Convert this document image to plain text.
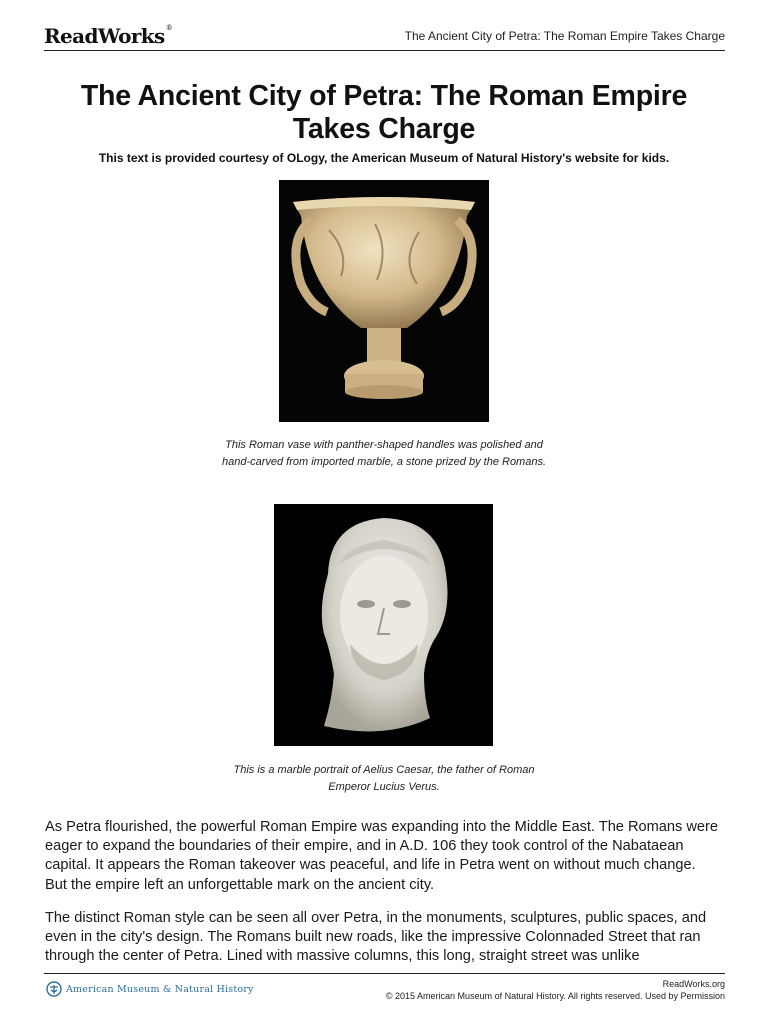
ReadWorks®
The Ancient City of Petra: The Roman Empire Takes Charge
The Ancient City of Petra: The Roman Empire Takes Charge
This text is provided courtesy of OLogy, the American Museum of Natural History's website for kids.
This Roman vase with panther-shaped handles was polished and hand-carved from imported marble, a stone prized by the Romans.
This is a marble portrait of Aelius Caesar, the father of Roman Emperor Lucius Verus.

As Petra flourished, the powerful Roman Empire was expanding into the Middle East. The Romans were eager to expand the boundaries of their empire, and in A.D. 106 they took control of the Nabataean capital. It appears the Roman takeover was peaceful, and life in Petra went on without much change. But the empire left an unforgettable mark on the ancient city.

The distinct Roman style can be seen all over Petra, in the monuments, sculptures, public spaces, and even in the city's design. The Romans built new roads, like the impressive Colonnaded Street that ran through the center of Petra. Lined with massive columns, this long, straight street was unlike

American Museum & Natural History	ReadWorks.org
© 2015 American Museum of Natural History. All rights reserved. Used by Permission
